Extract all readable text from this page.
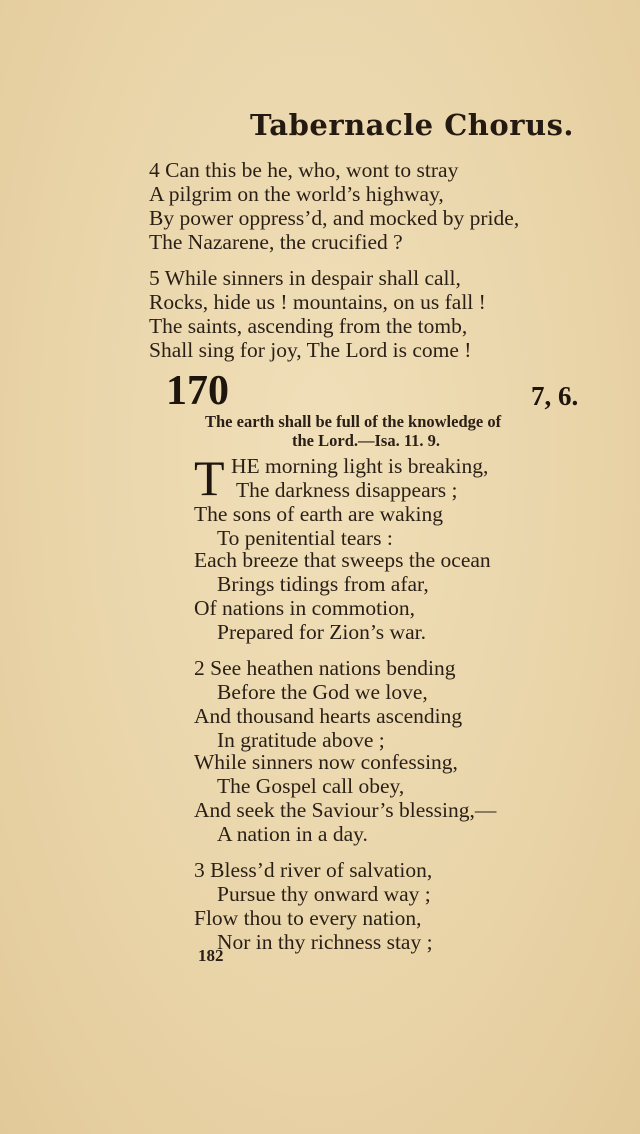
Tabernacle Chorus.
4 Can this be he, who, wont to stray
A pilgrim on the world’s highway,
By power oppress’d, and mocked by pride,
The Nazarene, the crucified ?
5 While sinners in despair shall call,
Rocks, hide us ! mountains, on us fall !
The saints, ascending from the tomb,
Shall sing for joy, The Lord is come !
170	7, 6.
The earth shall be full of the knowledge of
the Lord.—Isa. 11. 9.
T HE morning light is breaking,
The darkness disappears ;
The sons of earth are waking
To penitential tears :
Each breeze that sweeps the ocean
Brings tidings from afar,
Of nations in commotion,
Prepared for Zion’s war.
2 See heathen nations bending
Before the God we love,
And thousand hearts ascending
In gratitude above ;
While sinners now confessing,
The Gospel call obey,
And seek the Saviour’s blessing,—
A nation in a day.
3 Bless’d river of salvation,
Pursue thy onward way ;
Flow thou to every nation,
Nor in thy richness stay ;
182
